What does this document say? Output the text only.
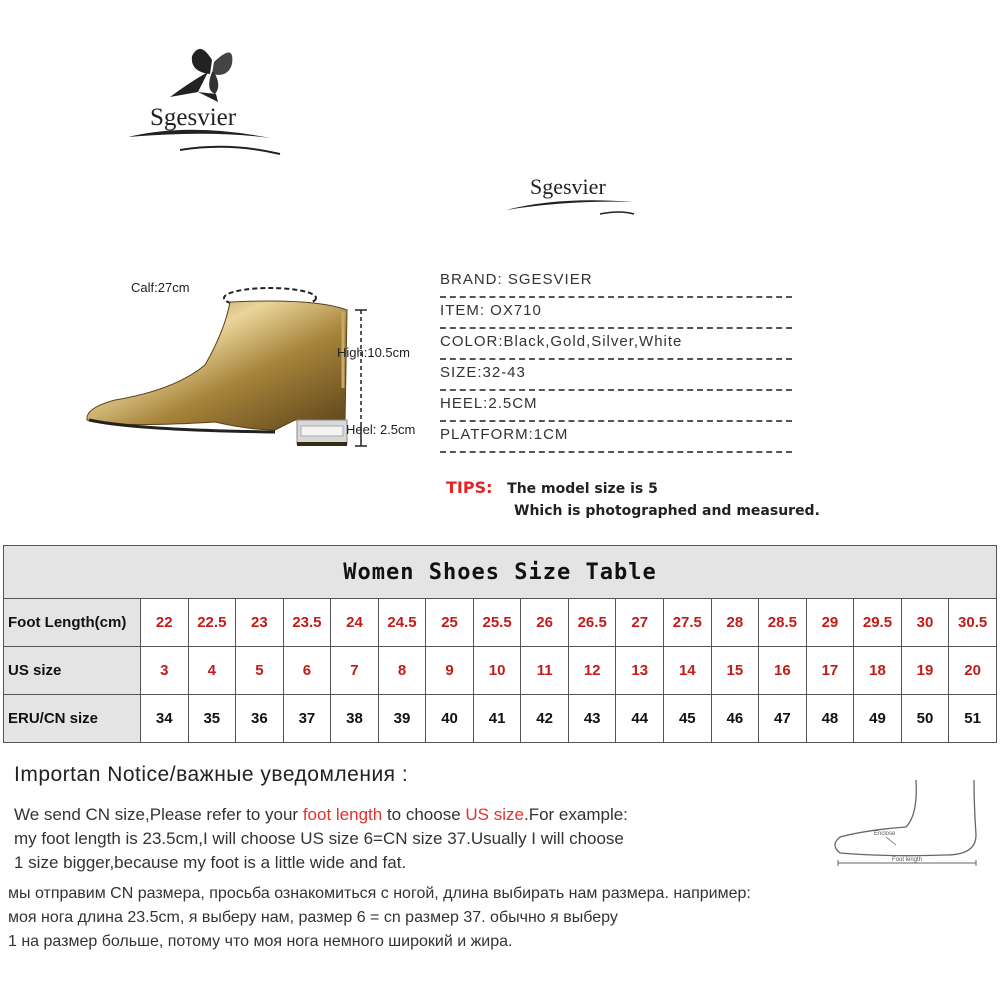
Sgesvier
Sgesvier
Calf:27cm
High:10.5cm
Heel: 2.5cm
BRAND: SGESVIER
ITEM: OX710
COLOR:Black,Gold,Silver,White
SIZE:32-43
HEEL:2.5CM
PLATFORM:1CM
TIPS: The model size is 5
Which is photographed and measured.
Women Shoes Size Table																		
Foot Length(cm)	22	22.5	23	23.5	24	24.5	25	25.5	26	26.5	27	27.5	28	28.5	29	29.5	30	30.5
US size	3	4	5	6	7	8	9	10	11	12	13	14	15	16	17	18	19	20
ERU/CN size	34	35	36	37	38	39	40	41	42	43	44	45	46	47	48	49	50	51
Importan Notice/важные уведомления :
We send CN size,Please refer to your foot length to choose US size.For example:
my foot length is 23.5cm,I will choose US size 6=CN size 37.Usually I will choose
1 size bigger,because my foot is a little wide and fat.
мы отправим CN размера, просьба ознакомиться с ногой, длина выбирать нам размера. например:
моя нога длина 23.5cm, я выберу нам, размер 6 = cn размер 37. обычно я выберу
1 на размер больше, потому что моя нога немного широкий и жира.
Enclose
Foot length
